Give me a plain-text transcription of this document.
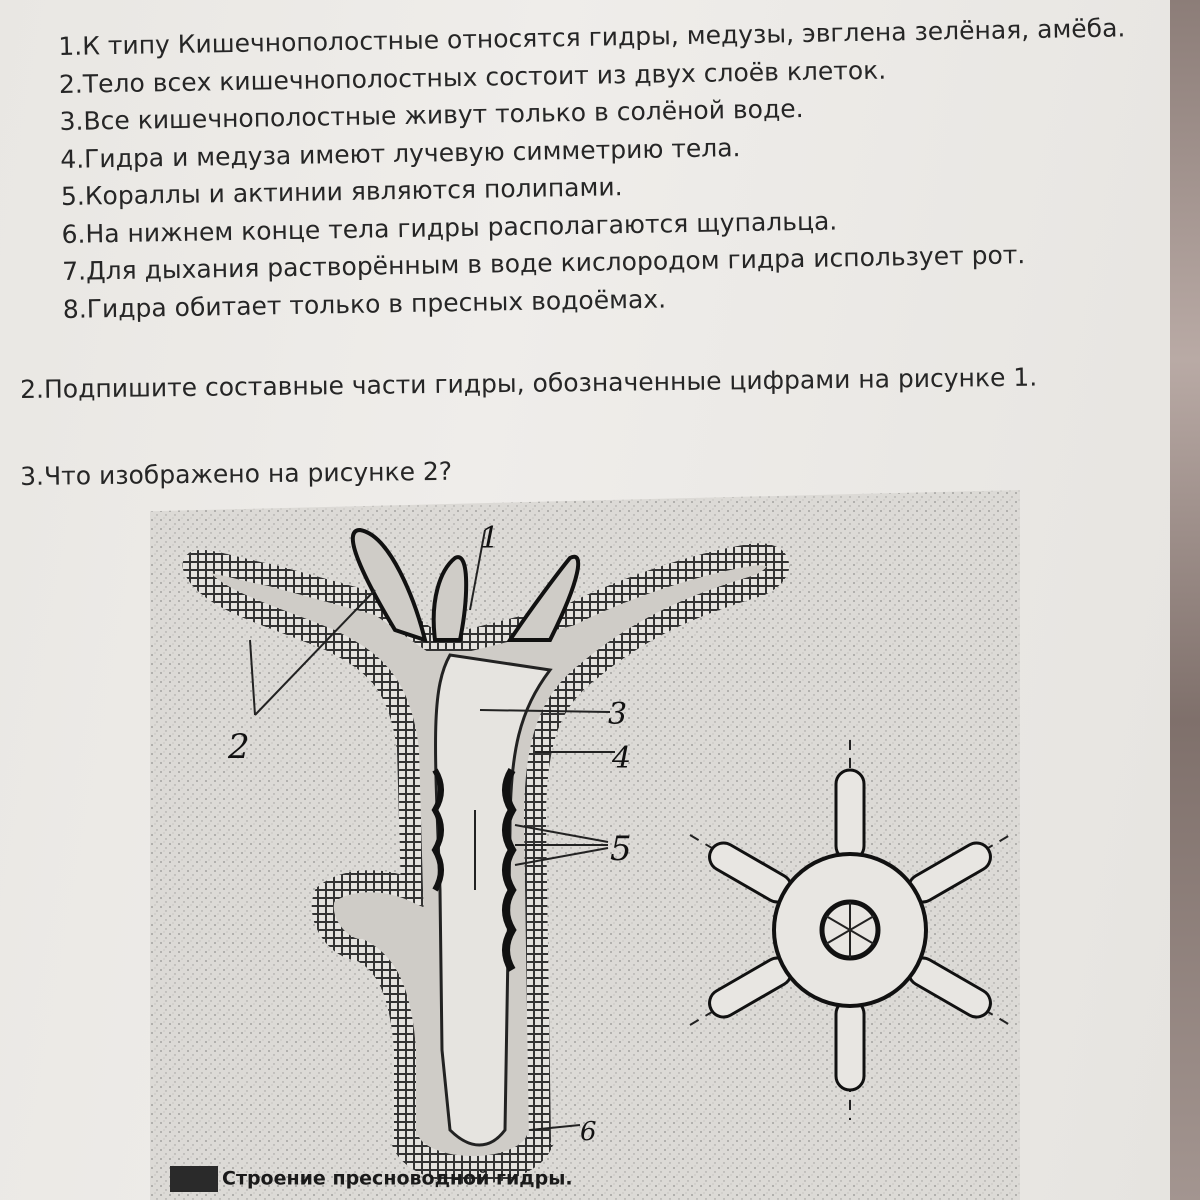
1.К типу Кишечнополостные относятся гидры, медузы, эвглена зелёная, амёба.
2.Тело всех кишечнополостных состоит из двух слоёв клеток.
3.Все кишечнополостные живут только в солёной воде.
4.Гидра и медуза имеют лучевую симметрию тела.
5.Кораллы и актинии являются полипами.
6.На нижнем конце тела гидры располагаются щупальца.
7.Для дыхания растворённым в воде кислородом гидра использует рот.
8.Гидра обитает только в пресных водоёмах.
2.Подпишите составные части гидры, обозначенные цифрами на рисунке 1.
3.Что изображено на рисунке 2?
1
2
3
4
5
6
Строение пресноводной гидры.
